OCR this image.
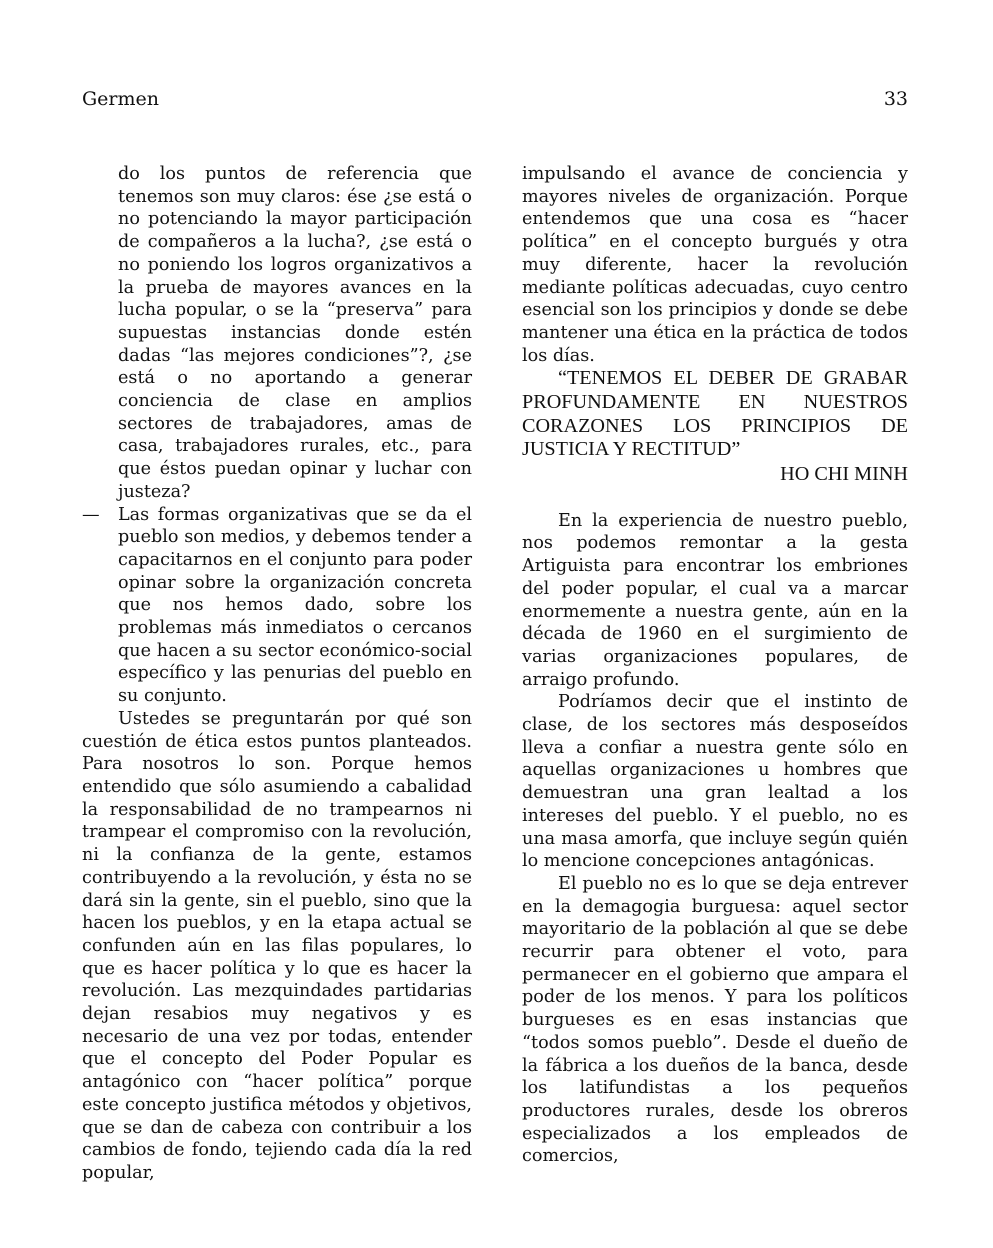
Germen	33

do los puntos de referencia que tenemos son muy claros: ése ¿se está o no potenciando la mayor participación de compañeros a la lucha?, ¿se está o no poniendo los logros organizativos a la prueba de mayores avances en la lucha popular, o se la “preserva” para supuestas instancias donde estén dadas “las mejores condiciones”?, ¿se está o no aportando a generar conciencia de clase en amplios sectores de trabajadores, amas de casa, trabajadores rurales, etc., para que éstos puedan opinar y luchar con justeza?

— Las formas organizativas que se da el pueblo son medios, y debemos tender a capacitarnos en el conjunto para poder opinar sobre la organización concreta que nos hemos dado, sobre los problemas más inmediatos o cercanos que hacen a su sector económico-social específico y las penurias del pueblo en su conjunto.

Ustedes se preguntarán por qué son cuestión de ética estos puntos planteados. Para nosotros lo son. Porque hemos entendido que sólo asumiendo a cabalidad la responsabilidad de no trampearnos ni trampear el compromiso con la revolución, ni la confianza de la gente, estamos contribuyendo a la revolución, y ésta no se dará sin la gente, sin el pueblo, sino que la hacen los pueblos, y en la etapa actual se confunden aún en las filas populares, lo que es hacer política y lo que es hacer la revolución. Las mezquindades partidarias dejan resabios muy negativos y es necesario de una vez por todas, entender que el concepto del Poder Popular es antagónico con “hacer política” porque este concepto justifica métodos y objetivos, que se dan de cabeza con contribuir a los cambios de fondo, tejiendo cada día la red popular,

impulsando el avance de conciencia y mayores niveles de organización. Porque entendemos que una cosa es “hacer política” en el concepto burgués y otra muy diferente, hacer la revolución mediante políticas adecuadas, cuyo centro esencial son los principios y donde se debe mantener una ética en la práctica de todos los días.

“TENEMOS EL DEBER DE GRABAR PROFUNDAMENTE EN NUESTROS CORAZONES LOS PRINCIPIOS DE JUSTICIA Y RECTITUD”

HO CHI MINH

En la experiencia de nuestro pueblo, nos podemos remontar a la gesta Artiguista para encontrar los embriones del poder popular, el cual va a marcar enormemente a nuestra gente, aún en la década de 1960 en el surgimiento de varias organizaciones populares, de arraigo profundo.

Podríamos decir que el instinto de clase, de los sectores más desposeídos lleva a confiar a nuestra gente sólo en aquellas organizaciones u hombres que demuestran una gran lealtad a los intereses del pueblo. Y el pueblo, no es una masa amorfa, que incluye según quién lo mencione concepciones antagónicas.

El pueblo no es lo que se deja entrever en la demagogia burguesa: aquel sector mayoritario de la población al que se debe recurrir para obtener el voto, para permanecer en el gobierno que ampara el poder de los menos. Y para los políticos burgueses es en esas instancias que “todos somos pueblo”. Desde el dueño de la fábrica a los dueños de la banca, desde los latifundistas a los pequeños productores rurales, desde los obreros especializados a los empleados de comercios,
